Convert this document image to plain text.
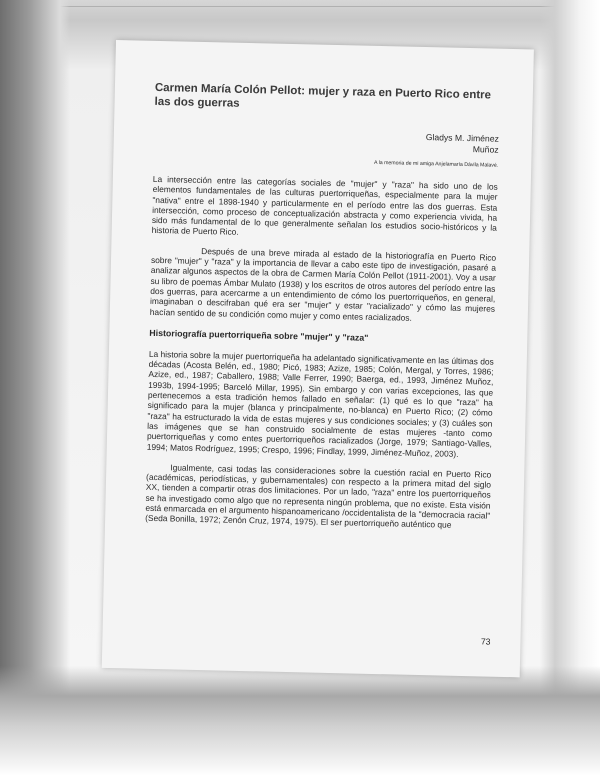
Carmen María Colón Pellot: mujer y raza en Puerto Rico entre las dos guerras
Gladys M. Jiménez
Muñoz
A la memoria de mi amiga Anjelamaría Dávila Malavé.

La intersección entre las categorías sociales de "mujer" y "raza" ha sido uno de los elementos fundamentales de las culturas puertorriqueñas, especialmente para la mujer "nativa" entre el 1898-1940 y particularmente en el período entre las dos guerras. Esta intersección, como proceso de conceptualización abstracta y como experiencia vivida, ha sido más fundamental de lo que generalmente señalan los estudios socio-históricos y la historia de Puerto Rico.

Después de una breve mirada al estado de la historiografía en Puerto Rico sobre "mujer" y "raza" y la importancia de llevar a cabo este tipo de investigación, pasaré a analizar algunos aspectos de la obra de Carmen María Colón Pellot (1911-2001). Voy a usar su libro de poemas Ámbar Mulato (1938) y los escritos de otros autores del período entre las dos guerras, para acercarme a un entendimiento de cómo los puertorriqueños, en general, imaginaban o descifraban qué era ser "mujer" y estar "racializado" y cómo las mujeres hacían sentido de su condición como mujer y como entes racializados.

Historiografía puertorriqueña sobre "mujer" y "raza"

La historia sobre la mujer puertorriqueña ha adelantado significativamente en las últimas dos décadas (Acosta Belén, ed., 1980; Picó, 1983; Azize, 1985; Colón, Mergal, y Torres, 1986; Azize, ed., 1987; Caballero, 1988; Valle Ferrer, 1990; Baerga, ed., 1993, Jiménez Muñoz, 1993b, 1994-1995; Barceló Millar, 1995). Sin embargo y con varias excepciones, las que pertenecemos a esta tradición hemos fallado en señalar: (1) qué es lo que "raza" ha significado para la mujer (blanca y principalmente, no-blanca) en Puerto Rico; (2) cómo "raza" ha estructurado la vida de estas mujeres y sus condiciones sociales; y (3) cuáles son las imágenes que se han construido socialmente de estas mujeres -tanto como puertorriqueñas y como entes puertorriqueños racializados (Jorge, 1979; Santiago-Valles, 1994; Matos Rodríguez, 1995; Crespo, 1996; Findlay, 1999, Jiménez-Muñoz, 2003).

Igualmente, casi todas las consideraciones sobre la cuestión racial en Puerto Rico (académicas, periodísticas, y gubernamentales) con respecto a la primera mitad del siglo XX, tienden a compartir otras dos limitaciones. Por un lado, "raza" entre los puertorriqueños se ha investigado como algo que no representa ningún problema, que no existe. Esta visión está enmarcada en el argumento hispanoamericano /occidentalista de la "democracia racial" (Seda Bonilla, 1972; Zenón Cruz, 1974, 1975). El ser puertorriqueño auténtico que

73
